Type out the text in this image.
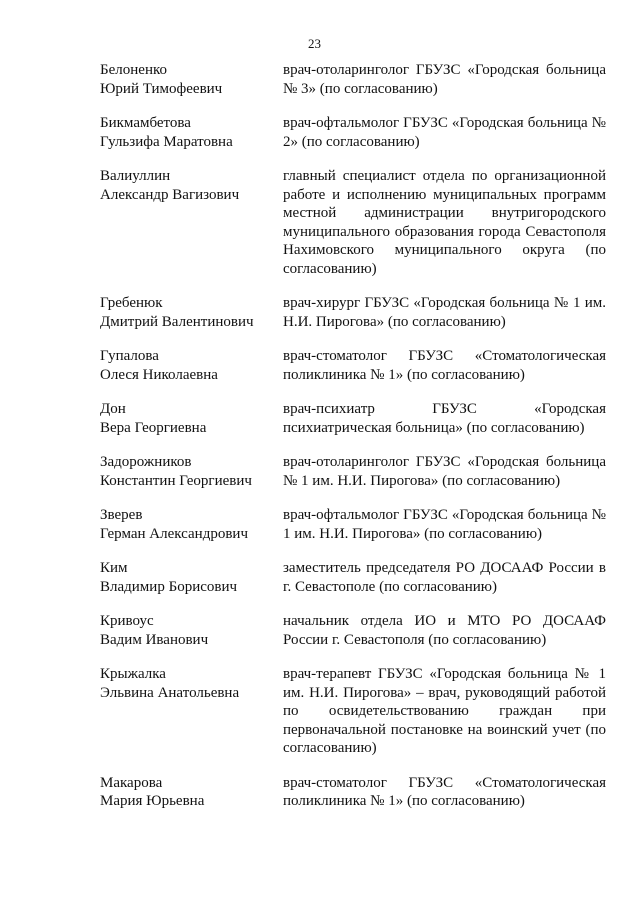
23
Белоненко
Юрий Тимофеевич
врач-отоларинголог ГБУЗС «Городская больница № 3» (по согласованию)
Бикмамбетова
Гульзифа Маратовна
врач-офтальмолог ГБУЗС «Городская больница № 2» (по согласованию)
Валиуллин
Александр Вагизович
главный специалист отдела по организационной работе и исполнению муниципальных программ местной администрации внутригородского муниципального образования города Севастополя Нахимовского муниципального округа (по согласованию)
Гребенюк
Дмитрий Валентинович
врач-хирург ГБУЗС «Городская больница № 1 им. Н.И. Пирогова» (по согласованию)
Гупалова
Олеся Николаевна
врач-стоматолог ГБУЗС «Стоматологическая поликлиника № 1» (по согласованию)
Дон
Вера Георгиевна
врач-психиатр ГБУЗС «Городская психиатрическая больница» (по согласованию)
Задорожников
Константин Георгиевич
врач-отоларинголог ГБУЗС «Городская больница № 1 им. Н.И. Пирогова» (по согласованию)
Зверев
Герман Александрович
врач-офтальмолог ГБУЗС «Городская больница № 1 им. Н.И. Пирогова» (по согласованию)
Ким
Владимир Борисович
заместитель председателя РО ДОСААФ России в г. Севастополе (по согласованию)
Кривоус
Вадим Иванович
начальник отдела ИО и МТО РО ДОСААФ России г. Севастополя (по согласованию)
Крыжалка
Эльвина Анатольевна
врач-терапевт ГБУЗС «Городская больница № 1 им. Н.И. Пирогова» – врач, руководящий работой по освидетельствованию граждан при первоначальной постановке на воинский учет (по согласованию)
Макарова
Мария Юрьевна
врач-стоматолог ГБУЗС «Стоматологическая поликлиника № 1» (по согласованию)
